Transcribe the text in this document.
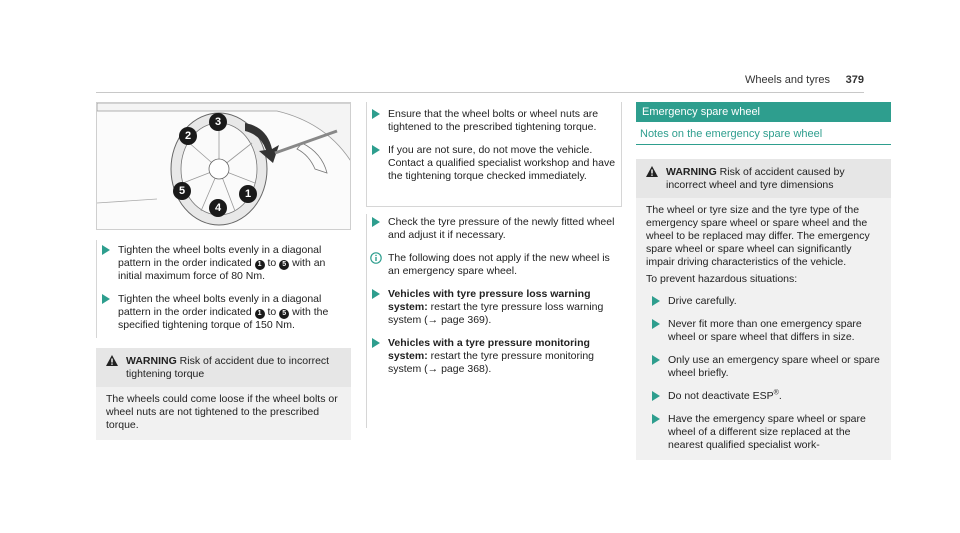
Wheels and tyres 379
2
3
5
4
1
Tighten the wheel bolts evenly in a diagonal pattern in the order indicated 1 to 5 with an initial maximum force of 80 Nm.
Tighten the wheel bolts evenly in a diagonal pattern in the order indicated 1 to 5 with the specified tightening torque of 150 Nm.
WARNING Risk of accident due to incorrect tightening torque
The wheels could come loose if the wheel bolts or wheel nuts are not tightened to the prescribed torque.
Ensure that the wheel bolts or wheel nuts are tightened to the prescribed tightening torque.
If you are not sure, do not move the vehicle. Contact a qualified specialist workshop and have the tightening torque checked immediately.
Check the tyre pressure of the newly fitted wheel and adjust it if necessary.
The following does not apply if the new wheel is an emergency spare wheel.
Vehicles with tyre pressure loss warning system: restart the tyre pressure loss warning system (→ page 369).
Vehicles with a tyre pressure monitoring system: restart the tyre pressure monitoring system (→ page 368).
Emergency spare wheel
Notes on the emergency spare wheel
WARNING Risk of accident caused by incorrect wheel and tyre dimensions
The wheel or tyre size and the tyre type of the emergency spare wheel or spare wheel and the wheel to be replaced may differ. The emergency spare wheel or spare wheel can significantly impair driving characteristics of the vehicle.
To prevent hazardous situations:
Drive carefully.
Never fit more than one emergency spare wheel or spare wheel that differs in size.
Only use an emergency spare wheel or spare wheel briefly.
Do not deactivate ESP®.
Have the emergency spare wheel or spare wheel of a different size replaced at the nearest qualified specialist work-
